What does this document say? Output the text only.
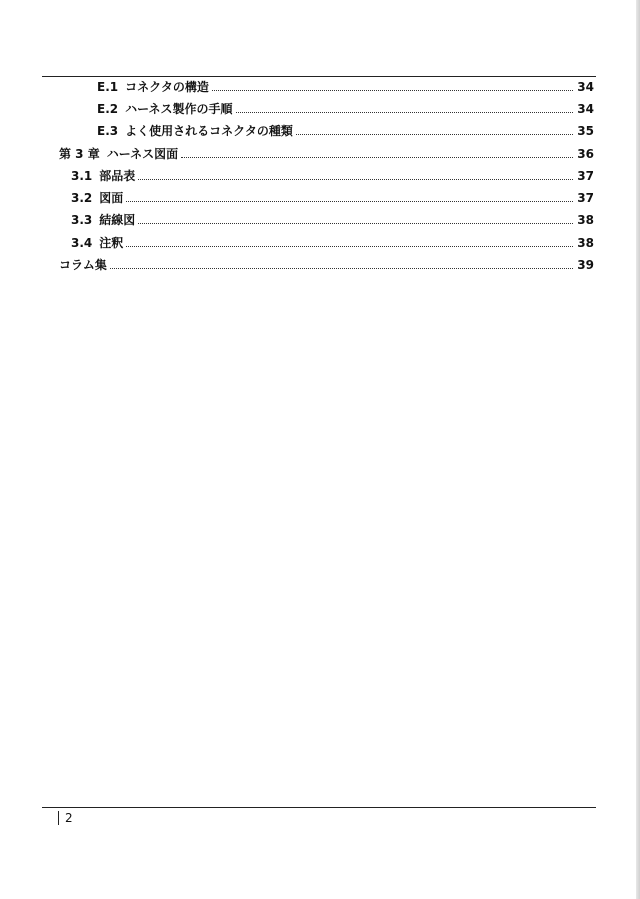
E.1 コネクタの構造	34
E.2 ハーネス製作の手順	34
E.3 よく使用されるコネクタの種類	35
第 3 章 ハーネス図面	36
3.1 部品表	37
3.2 図面	37
3.3 結線図	38
3.4 注釈	38
コラム集	39
2
